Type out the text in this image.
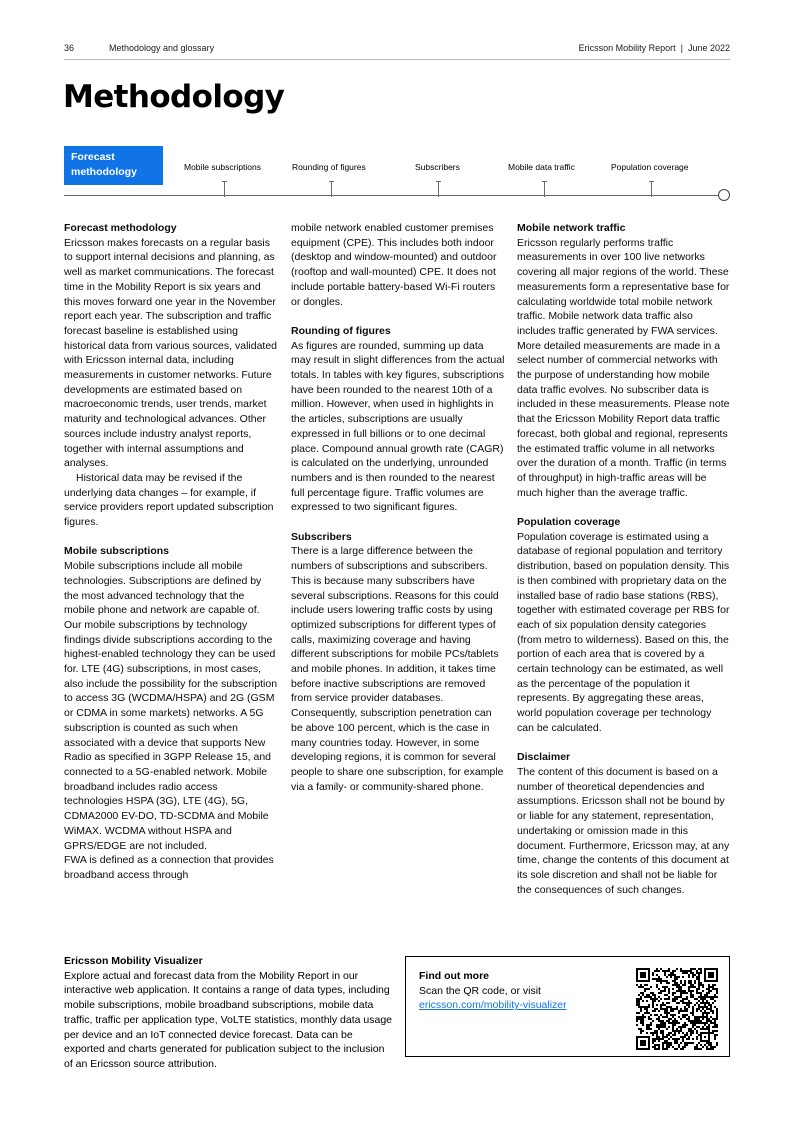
36	Methodology and glossary	Ericsson Mobility Report  |  June 2022
Methodology
Forecast
methodology	Mobile subscriptions	Rounding of figures	Subscribers	Mobile data traffic	Population coverage
Forecast methodology

Ericsson makes forecasts on a regular basis to support internal decisions and planning, as well as market communications. The forecast time in the Mobility Report is six years and this moves forward one year in the November report each year. The subscription and traffic forecast baseline is established using historical data from various sources, validated with Ericsson internal data, including measurements in customer networks. Future developments are estimated based on macroeconomic trends, user trends, market maturity and technological advances. Other sources include industry analyst reports, together with internal assumptions and analyses.

Historical data may be revised if the underlying data changes – for example, if service providers report updated subscription figures.

Mobile subscriptions

Mobile subscriptions include all mobile technologies. Subscriptions are defined by the most advanced technology that the mobile phone and network are capable of. Our mobile subscriptions by technology findings divide subscriptions according to the highest-enabled technology they can be used for. LTE (4G) subscriptions, in most cases, also include the possibility for the subscription to access 3G (WCDMA/HSPA) and 2G (GSM or CDMA in some markets) networks. A 5G subscription is counted as such when associated with a device that supports New Radio as specified in 3GPP Release 15, and connected to a 5G-enabled network. Mobile broadband includes radio access technologies HSPA (3G), LTE (4G), 5G, CDMA2000 EV-DO, TD-SCDMA and Mobile WiMAX. WCDMA without HSPA and GPRS/EDGE are not included.

FWA is defined as a connection that provides broadband access through

mobile network enabled customer premises equipment (CPE). This includes both indoor (desktop and window-mounted) and outdoor (rooftop and wall-mounted) CPE. It does not include portable battery-based Wi-Fi routers or dongles.

Rounding of figures

As figures are rounded, summing up data may result in slight differences from the actual totals. In tables with key figures, subscriptions have been rounded to the nearest 10th of a million. However, when used in highlights in the articles, subscriptions are usually expressed in full billions or to one decimal place. Compound annual growth rate (CAGR) is calculated on the underlying, unrounded numbers and is then rounded to the nearest full percentage figure. Traffic volumes are expressed to two significant figures.

Subscribers

There is a large difference between the numbers of subscriptions and subscribers. This is because many subscribers have several subscriptions. Reasons for this could include users lowering traffic costs by using optimized subscriptions for different types of calls, maximizing coverage and having different subscriptions for mobile PCs/tablets and mobile phones. In addition, it takes time before inactive subscriptions are removed from service provider databases. Consequently, subscription penetration can be above 100 percent, which is the case in many countries today. However, in some developing regions, it is common for several people to share one subscription, for example via a family- or community-shared phone.

Mobile network traffic

Ericsson regularly performs traffic measurements in over 100 live networks covering all major regions of the world. These measurements form a representative base for calculating worldwide total mobile network traffic. Mobile network data traffic also includes traffic generated by FWA services. More detailed measurements are made in a select number of commercial networks with the purpose of understanding how mobile data traffic evolves. No subscriber data is included in these measurements. Please note that the Ericsson Mobility Report data traffic forecast, both global and regional, represents the estimated traffic volume in all networks over the duration of a month. Traffic (in terms of throughput) in high-traffic areas will be much higher than the average traffic.

Population coverage

Population coverage is estimated using a database of regional population and territory distribution, based on population density. This is then combined with proprietary data on the installed base of radio base stations (RBS), together with estimated coverage per RBS for each of six population density categories (from metro to wilderness). Based on this, the portion of each area that is covered by a certain technology can be estimated, as well as the percentage of the population it represents. By aggregating these areas, world population coverage per technology can be calculated.

Disclaimer

The content of this document is based on a number of theoretical dependencies and assumptions. Ericsson shall not be bound by or liable for any statement, representation, undertaking or omission made in this document. Furthermore, Ericsson may, at any time, change the contents of this document at its sole discretion and shall not be liable for the consequences of such changes.

Ericsson Mobility Visualizer

Explore actual and forecast data from the Mobility Report in our interactive web application. It contains a range of data types, including mobile subscriptions, mobile broadband subscriptions, mobile data traffic, traffic per application type, VoLTE statistics, monthly data usage per device and an IoT connected device forecast. Data can be exported and charts generated for publication subject to the inclusion of an Ericsson source attribution.

Find out more

Scan the QR code, or visit

ericsson.com/mobility-visualizer
